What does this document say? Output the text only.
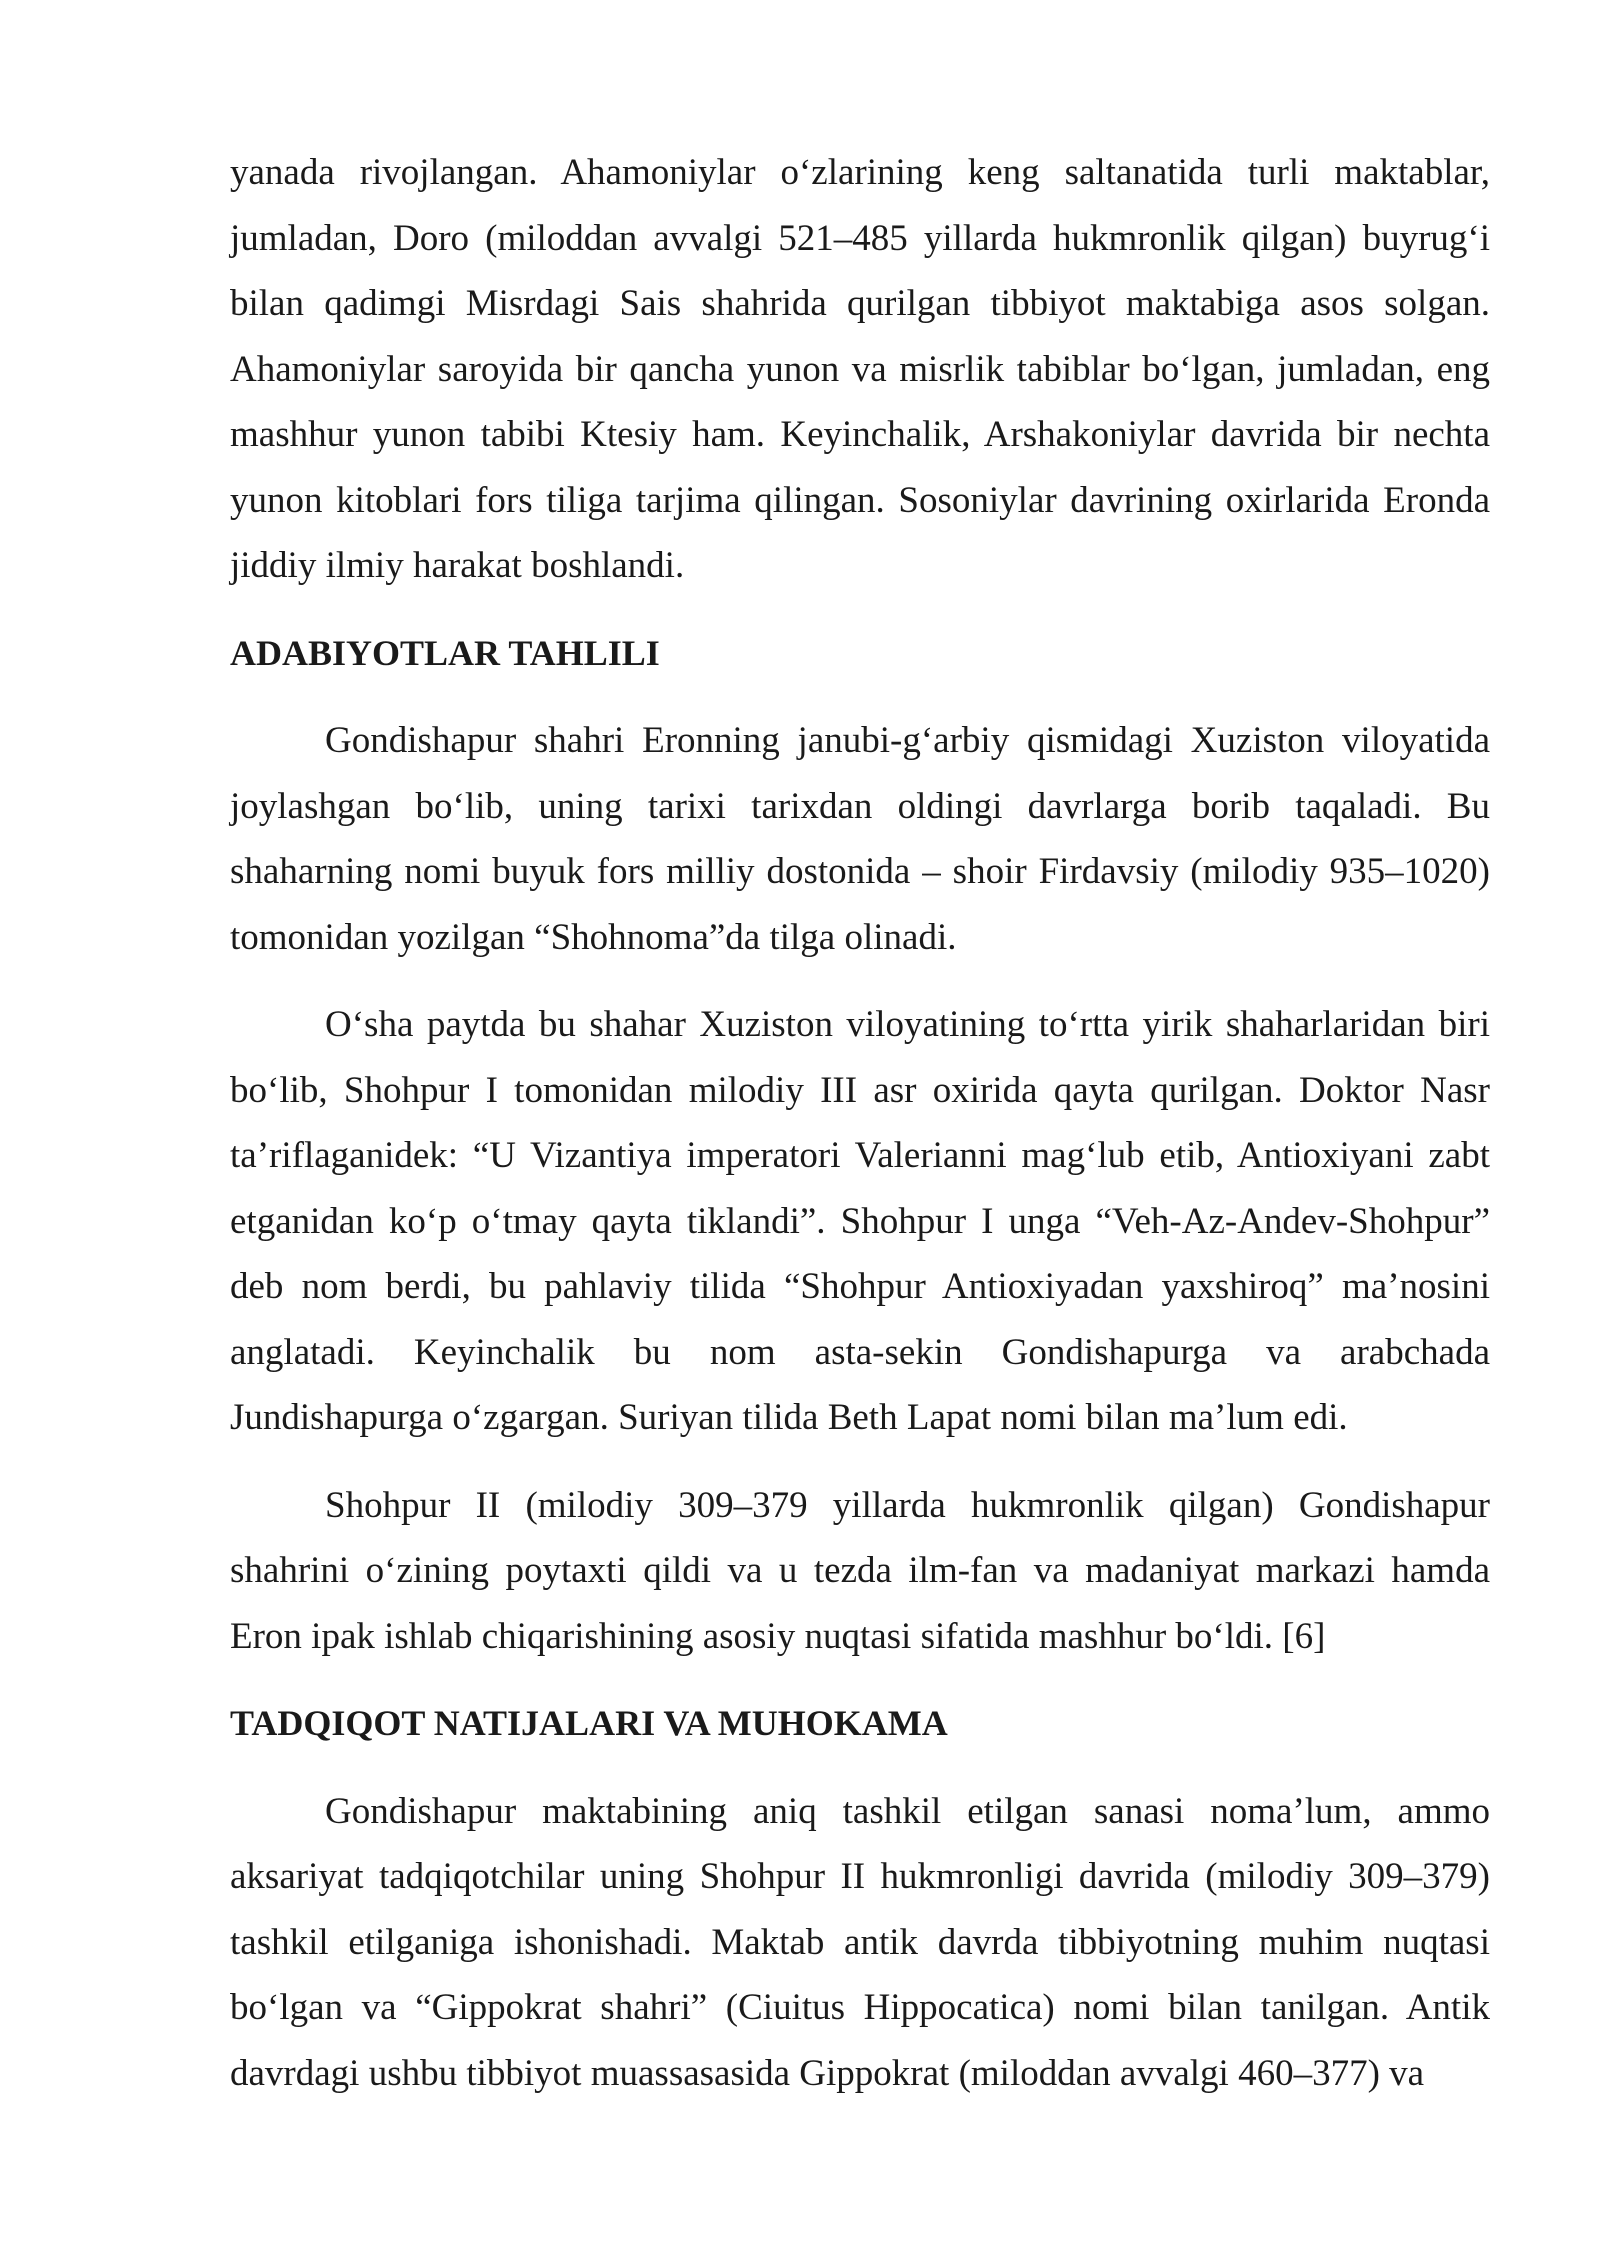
yanada rivojlangan. Ahamoniylar o‘zlarining keng saltanatida turli maktablar, jumladan, Doro (miloddan avvalgi 521–485 yillarda hukmronlik qilgan) buyrug‘i bilan qadimgi Misrdagi Sais shahrida qurilgan tibbiyot maktabiga asos solgan. Ahamoniylar saroyida bir qancha yunon va misrlik tabiblar bo‘lgan, jumladan, eng mashhur yunon tabibi Ktesiy ham. Keyinchalik, Arshakoniylar davrida bir nechta yunon kitoblari fors tiliga tarjima qilingan. Sosoniylar davrining oxirlarida Eronda jiddiy ilmiy harakat boshlandi.

ADABIYOTLAR TAHLILI

Gondishapur shahri Eronning janubi-g‘arbiy qismidagi Xuziston viloyatida joylashgan bo‘lib, uning tarixi tarixdan oldingi davrlarga borib taqaladi. Bu shaharning nomi buyuk fors milliy dostonida – shoir Firdavsiy (milodiy 935–1020) tomonidan yozilgan “Shohnoma”da tilga olinadi.

O‘sha paytda bu shahar Xuziston viloyatining to‘rtta yirik shaharlaridan biri bo‘lib, Shohpur I tomonidan milodiy III asr oxirida qayta qurilgan. Doktor Nasr ta’riflaganidek: “U Vizantiya imperatori Valerianni mag‘lub etib, Antioxiyani zabt etganidan ko‘p o‘tmay qayta tiklandi”. Shohpur I unga “Veh-Az-Andev-Shohpur” deb nom berdi, bu pahlaviy tilida “Shohpur Antioxiyadan yaxshiroq” ma’nosini anglatadi. Keyinchalik bu nom asta-sekin Gondishapurga va arabchada Jundishapurga o‘zgargan. Suriyan tilida Beth Lapat nomi bilan ma’lum edi.

Shohpur II (milodiy 309–379 yillarda hukmronlik qilgan) Gondishapur shahrini o‘zining poytaxti qildi va u tezda ilm-fan va madaniyat markazi hamda Eron ipak ishlab chiqarishining asosiy nuqtasi sifatida mashhur bo‘ldi. [6]

TADQIQOT NATIJALARI VA MUHOKAMA

Gondishapur maktabining aniq tashkil etilgan sanasi noma’lum, ammo aksariyat tadqiqotchilar uning Shohpur II hukmronligi davrida (milodiy 309–379) tashkil etilganiga ishonishadi. Maktab antik davrda tibbiyotning muhim nuqtasi bo‘lgan va “Gippokrat shahri” (Ciuitus Hippocatica) nomi bilan tanilgan. Antik davrdagi ushbu tibbiyot muassasasida Gippokrat (miloddan avvalgi 460–377) va
